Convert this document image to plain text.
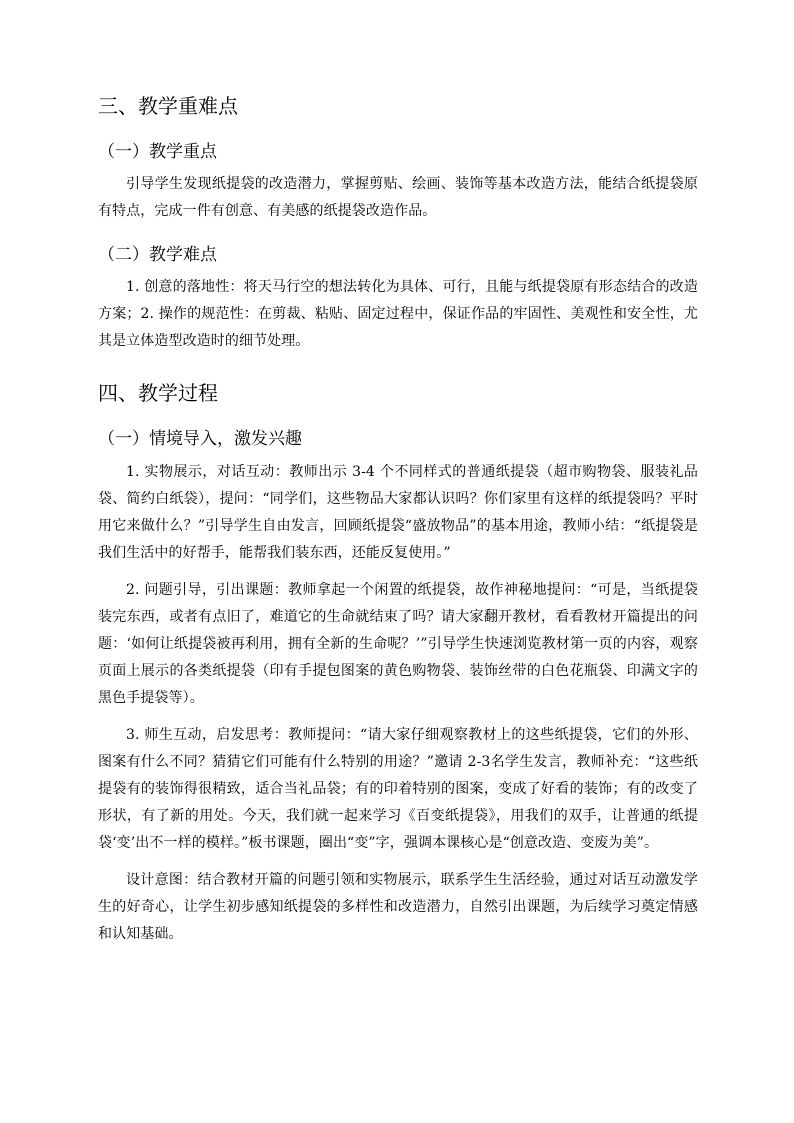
三、教学重难点
（一）教学重点

引导学生发现纸提袋的改造潜力，掌握剪贴、绘画、装饰等基本改造方法，能结合纸提袋原有特点，完成一件有创意、有美感的纸提袋改造作品。

（二）教学难点

1. 创意的落地性：将天马行空的想法转化为具体、可行，且能与纸提袋原有形态结合的改造方案；2. 操作的规范性：在剪裁、粘贴、固定过程中，保证作品的牢固性、美观性和安全性，尤其是立体造型改造时的细节处理。

四、教学过程
（一）情境导入，激发兴趣

1. 实物展示，对话互动：教师出示 3-4 个不同样式的普通纸提袋（超市购物袋、服装礼品袋、简约白纸袋），提问：“同学们，这些物品大家都认识吗？你们家里有这样的纸提袋吗？平时用它来做什么？”引导学生自由发言，回顾纸提袋“盛放物品”的基本用途，教师小结：“纸提袋是我们生活中的好帮手，能帮我们装东西，还能反复使用。”

2. 问题引导，引出课题：教师拿起一个闲置的纸提袋，故作神秘地提问：“可是，当纸提袋装完东西，或者有点旧了，难道它的生命就结束了吗？请大家翻开教材，看看教材开篇提出的问题：‘如何让纸提袋被再利用，拥有全新的生命呢？’”引导学生快速浏览教材第一页的内容，观察页面上展示的各类纸提袋（印有手提包图案的黄色购物袋、装饰丝带的白色花瓶袋、印满文字的黑色手提袋等）。

3. 师生互动，启发思考：教师提问：“请大家仔细观察教材上的这些纸提袋，它们的外形、图案有什么不同？猜猜它们可能有什么特别的用途？”邀请 2-3名学生发言，教师补充：“这些纸提袋有的装饰得很精致，适合当礼品袋；有的印着特别的图案，变成了好看的装饰；有的改变了形状，有了新的用处。今天，我们就一起来学习《百变纸提袋》，用我们的双手，让普通的纸提袋‘变’出不一样的模样。”板书课题，圈出“变”字，强调本课核心是“创意改造、变废为美”。

设计意图：结合教材开篇的问题引领和实物展示，联系学生生活经验，通过对话互动激发学生的好奇心，让学生初步感知纸提袋的多样性和改造潜力，自然引出课题，为后续学习奠定情感和认知基础。
